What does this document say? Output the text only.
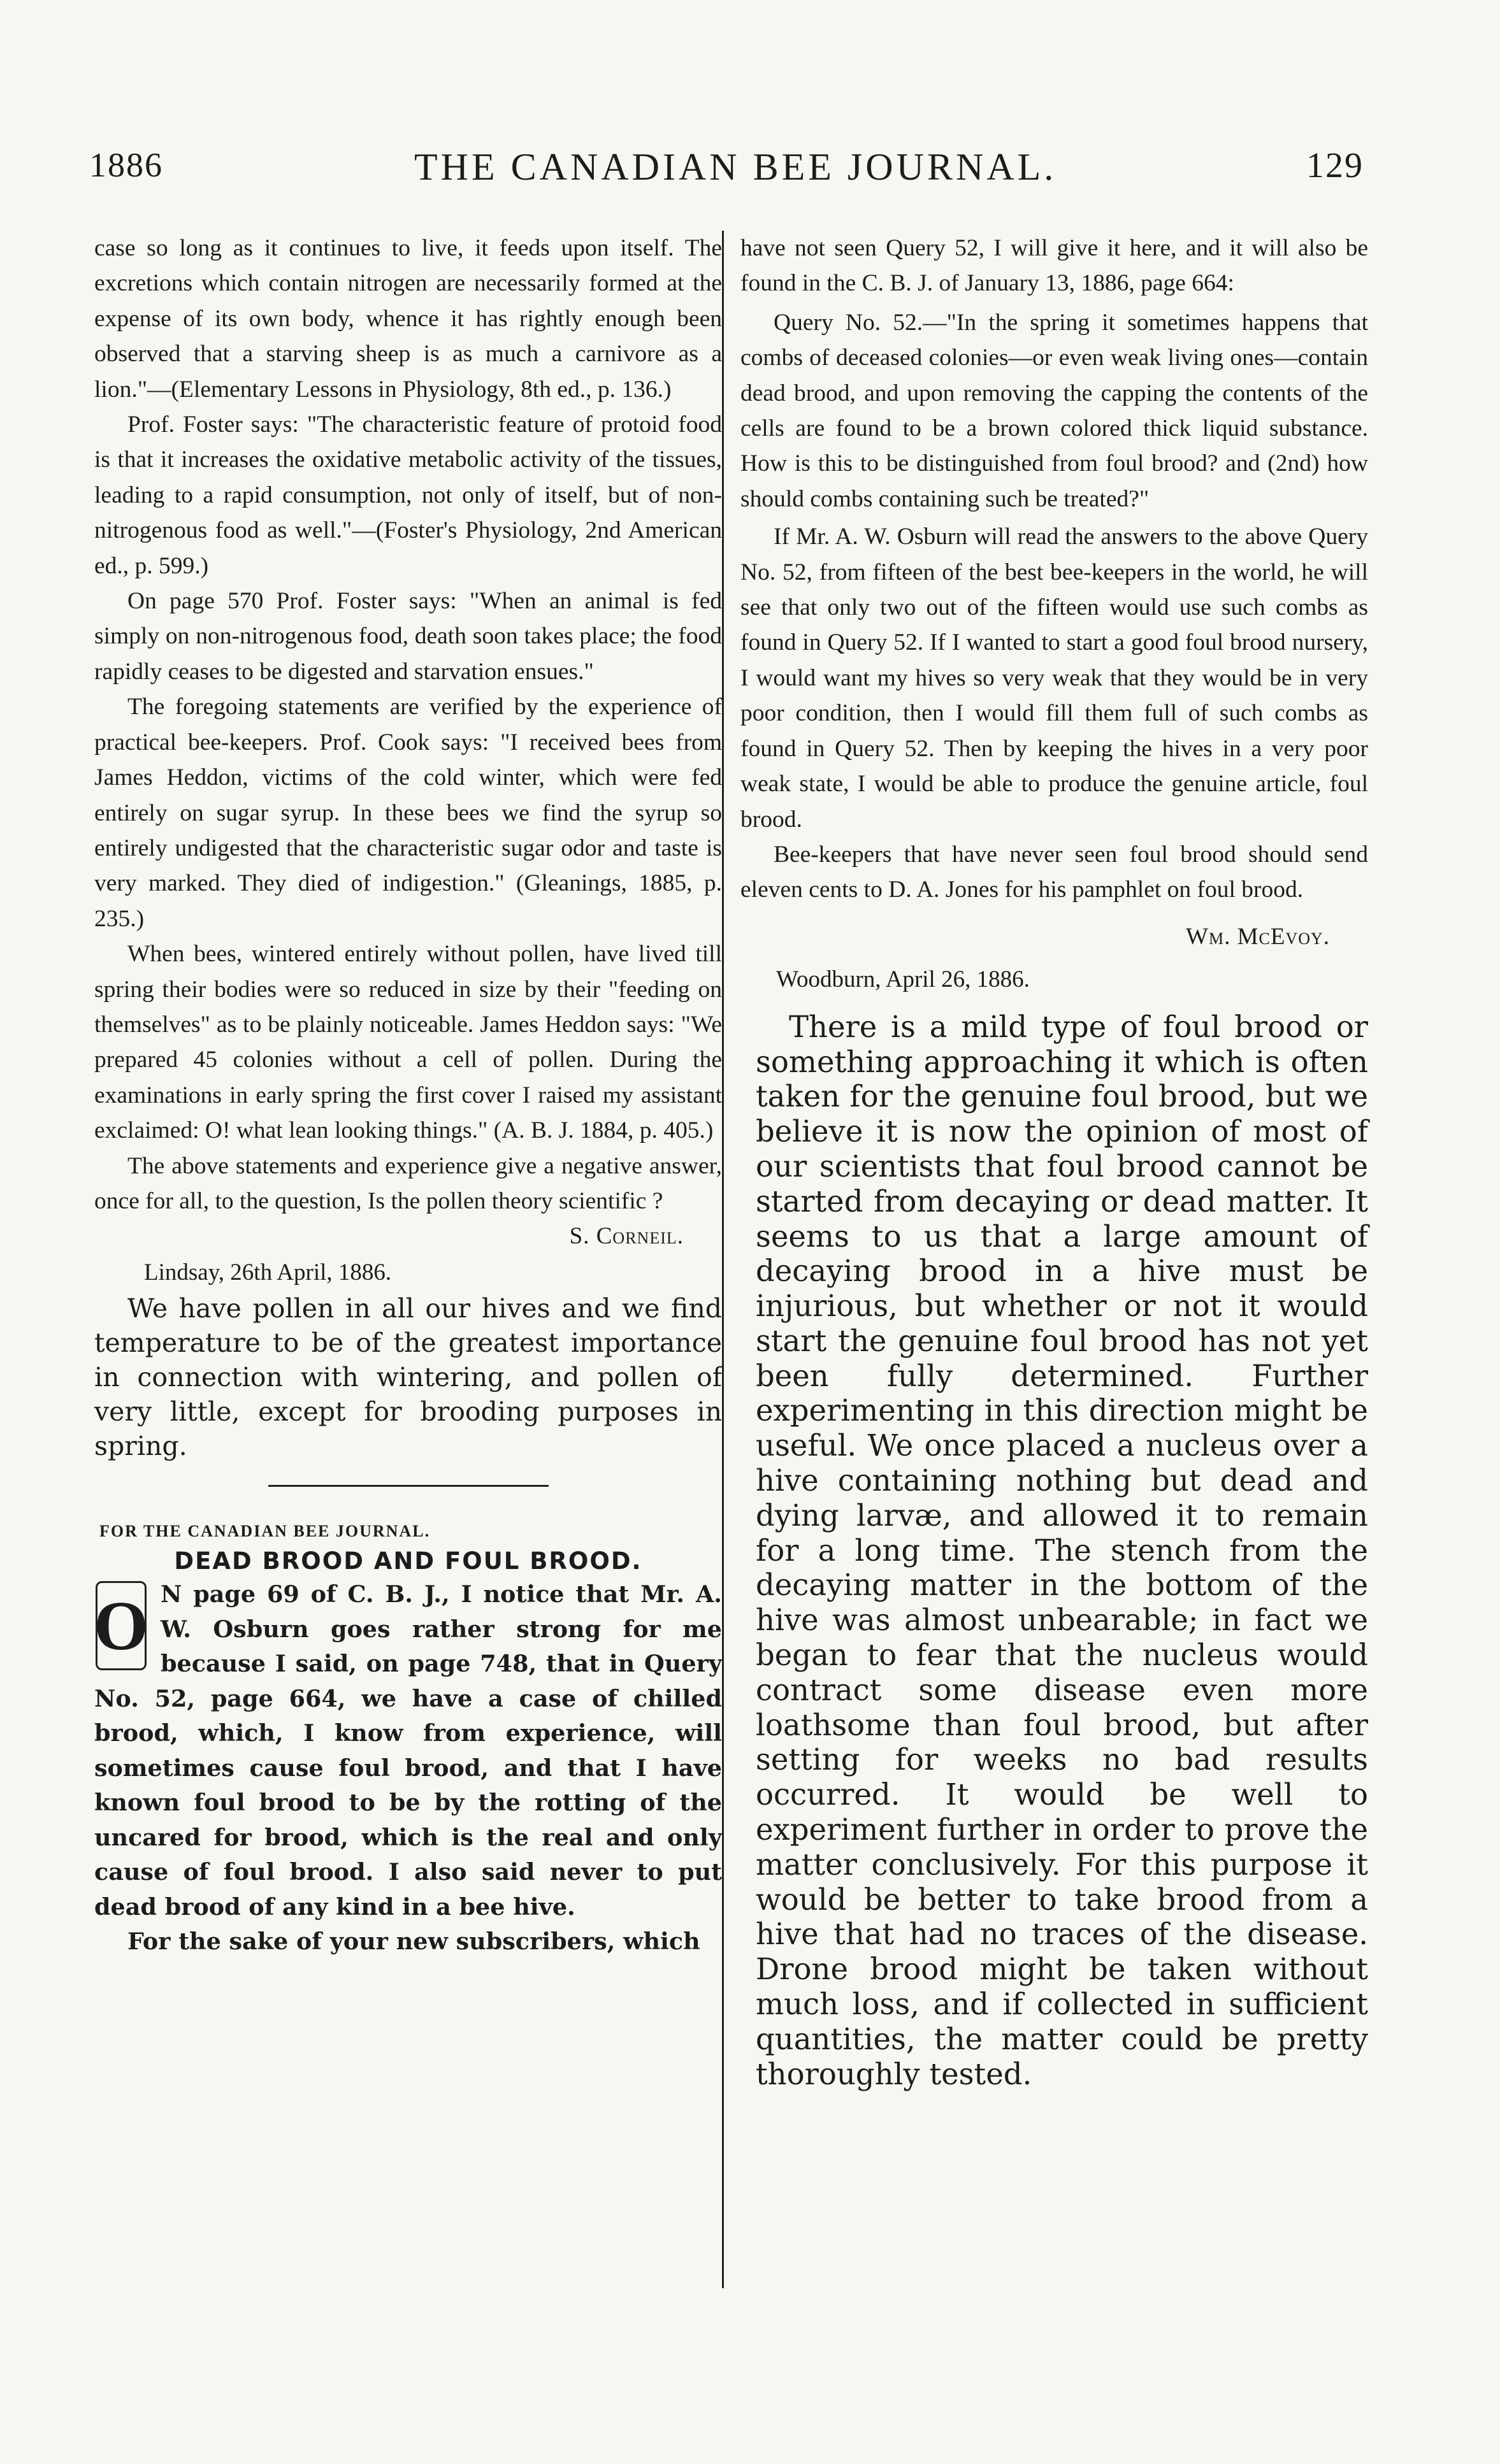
1886	THE CANADIAN BEE JOURNAL.	129

case so long as it continues to live, it feeds upon itself. The excretions which contain nitrogen are necessarily formed at the expense of its own body, whence it has rightly enough been observed that a starving sheep is as much a carnivore as a lion."—(Elementary Lessons in Physiology, 8th ed., p. 136.)

Prof. Foster says: "The characteristic feature of protoid food is that it increases the oxidative metabolic activity of the tissues, leading to a rapid consumption, not only of itself, but of non-nitrogenous food as well."—(Foster's Physiology, 2nd American ed., p. 599.)

On page 570 Prof. Foster says: "When an animal is fed simply on non-nitrogenous food, death soon takes place; the food rapidly ceases to be digested and starvation ensues."

The foregoing statements are verified by the experience of practical bee-keepers. Prof. Cook says: "I received bees from James Heddon, victims of the cold winter, which were fed entirely on sugar syrup. In these bees we find the syrup so entirely undigested that the characteristic sugar odor and taste is very marked. They died of indigestion." (Gleanings, 1885, p. 235.)

When bees, wintered entirely without pollen, have lived till spring their bodies were so reduced in size by their "feeding on themselves" as to be plainly noticeable. James Heddon says: "We prepared 45 colonies without a cell of pollen. During the examinations in early spring the first cover I raised my assistant exclaimed: O! what lean looking things." (A. B. J. 1884, p. 405.)

The above statements and experience give a negative answer, once for all, to the question, Is the pollen theory scientific ?

S. Corneil.

Lindsay, 26th April, 1886.

We have pollen in all our hives and we find temperature to be of the greatest importance in connection with wintering, and pollen of very little, except for brooding purposes in spring.

FOR THE CANADIAN BEE JOURNAL.

DEAD BROOD AND FOUL BROOD.

O N page 69 of C. B. J., I notice that Mr. A. W. Osburn goes rather strong for me because I said, on page 748, that in Query No. 52, page 664, we have a case of chilled brood, which, I know from experience, will sometimes cause foul brood, and that I have known foul brood to be by the rotting of the uncared for brood, which is the real and only cause of foul brood. I also said never to put dead brood of any kind in a bee hive.

For the sake of your new subscribers, which

have not seen Query 52, I will give it here, and it will also be found in the C. B. J. of January 13, 1886, page 664:

Query No. 52.—"In the spring it sometimes happens that combs of deceased colonies—or even weak living ones—contain dead brood, and upon removing the capping the contents of the cells are found to be a brown colored thick liquid substance. How is this to be distinguished from foul brood? and (2nd) how should combs containing such be treated?"

If Mr. A. W. Osburn will read the answers to the above Query No. 52, from fifteen of the best bee-keepers in the world, he will see that only two out of the fifteen would use such combs as found in Query 52. If I wanted to start a good foul brood nursery, I would want my hives so very weak that they would be in very poor condition, then I would fill them full of such combs as found in Query 52. Then by keeping the hives in a very poor weak state, I would be able to produce the genuine article, foul brood.

Bee-keepers that have never seen foul brood should send eleven cents to D. A. Jones for his pamphlet on foul brood.

Wm. McEvoy.

Woodburn, April 26, 1886.

There is a mild type of foul brood or something approaching it which is often taken for the genuine foul brood, but we believe it is now the opinion of most of our scientists that foul brood cannot be started from decaying or dead matter. It seems to us that a large amount of decaying brood in a hive must be injurious, but whether or not it would start the genuine foul brood has not yet been fully determined. Further experimenting in this direction might be useful. We once placed a nucleus over a hive containing nothing but dead and dying larvæ, and allowed it to remain for a long time. The stench from the decaying matter in the bottom of the hive was almost unbearable; in fact we began to fear that the nucleus would contract some disease even more loathsome than foul brood, but after setting for weeks no bad results occurred. It would be well to experiment further in order to prove the matter conclusively. For this purpose it would be better to take brood from a hive that had no traces of the disease. Drone brood might be taken without much loss, and if collected in sufficient quantities, the matter could be pretty thoroughly tested.
